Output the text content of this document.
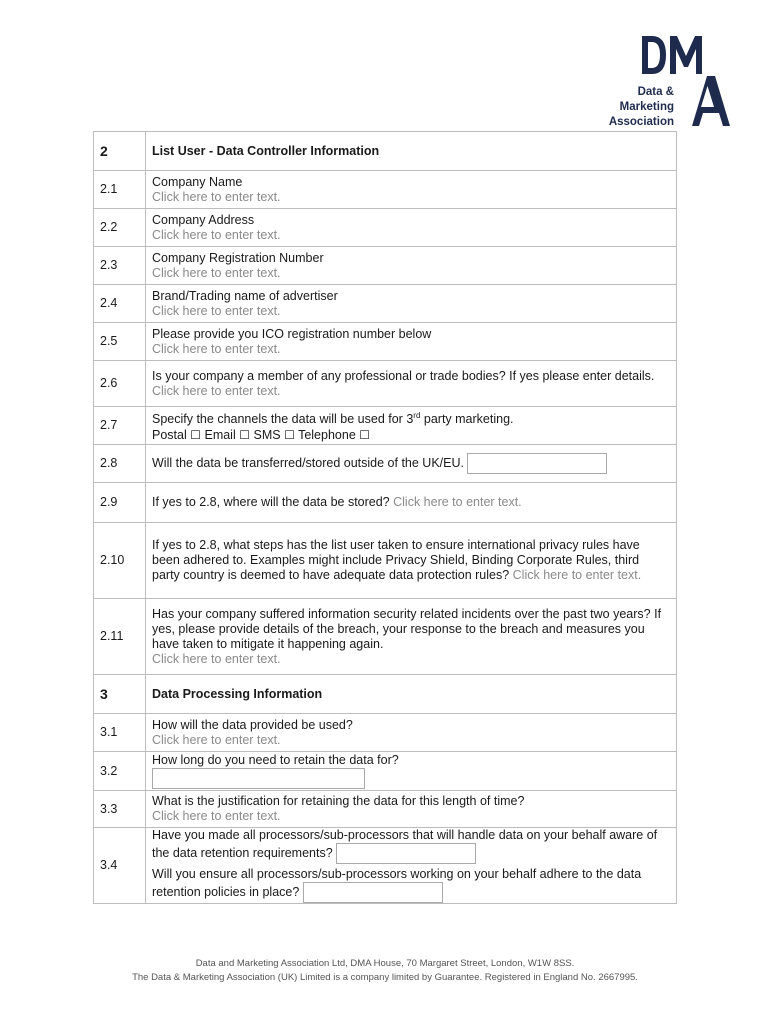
Data &
Marketing
Association
2	List User - Data Controller Information
2.1	Company Name
Click here to enter text.

2.2	Company Address
Click here to enter text.

2.3	Company Registration Number
Click here to enter text.

2.4	Brand/Trading name of advertiser
Click here to enter text.

2.5	Please provide you ICO registration number below
Click here to enter text.

2.6	Is your company a member of any professional or trade bodies? If yes please enter details.
Click here to enter text.

2.7	Specify the channels the data will be used for 3rd party marketing.
Postal ☐ Email ☐ SMS ☐ Telephone ☐

2.8	Will the data be transferred/stored outside of the UK/EU.
2.9	If yes to 2.8, where will the data be stored? Click here to enter text.
2.10	If yes to 2.8, what steps has the list user taken to ensure international privacy rules have been adhered to. Examples might include Privacy Shield, Binding Corporate Rules, third party country is deemed to have adequate data protection rules? Click here to enter text.
2.11	Has your company suffered information security related incidents over the past two years? If yes, please provide details of the breach, your response to the breach and measures you have taken to mitigate it happening again.
Click here to enter text.

3	Data Processing Information
3.1	How will the data provided be used?
Click here to enter text.

3.2	How long do you need to retain the data for?

3.3	What is the justification for retaining the data for this length of time?
Click here to enter text.

3.4	Have you made all processors/sub-processors that will handle data on your behalf aware of the data retention requirements?
Will you ensure all processors/sub-processors working on your behalf adhere to the data retention policies in place?
Data and Marketing Association Ltd, DMA House, 70 Margaret Street, London, W1W 8SS.
The Data & Marketing Association (UK) Limited is a company limited by Guarantee. Registered in England No. 2667995.
